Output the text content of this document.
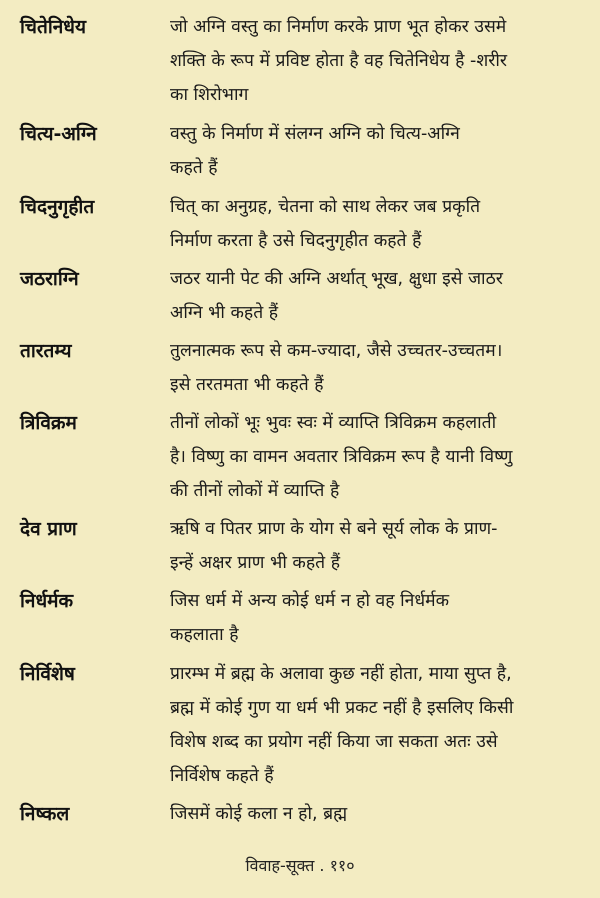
चितेनिधेय	जो अग्नि वस्तु का निर्माण करके प्राण भूत होकर उसमे
शक्ति के रूप में प्रविष्ट होता है वह चितेनिधेय है -शरीर
का शिरोभाग
चित्य-अग्नि	वस्तु के निर्माण में संलग्न अग्नि को चित्य-अग्नि
कहते हैं
चिदनुगृहीत	चित् का अनुग्रह, चेतना को साथ लेकर जब प्रकृति
निर्माण करता है उसे चिदनुगृहीत कहते हैं
जठराग्नि	जठर यानी पेट की अग्नि अर्थात् भूख, क्षुधा इसे जाठर
अग्नि भी कहते हैं
तारतम्य	तुलनात्मक रूप से कम-ज्यादा, जैसे उच्चतर-उच्चतम।
इसे तरतमता भी कहते हैं
त्रिविक्रम	तीनों लोकों भूः भुवः स्वः में व्याप्ति त्रिविक्रम कहलाती
है। विष्णु का वामन अवतार त्रिविक्रम रूप है यानी विष्णु
की तीनों लोकों में व्याप्ति है
देव प्राण	ऋषि व पितर प्राण के योग से बने सूर्य लोक के प्राण-
इन्हें अक्षर प्राण भी कहते हैं
निर्धर्मक	जिस धर्म में अन्य कोई धर्म न हो वह निर्धर्मक
कहलाता है
निर्विशेष	प्रारम्भ में ब्रह्म के अलावा कुछ नहीं होता, माया सुप्त है,
ब्रह्म में कोई गुण या धर्म भी प्रकट नहीं है इसलिए किसी
विशेष शब्द का प्रयोग नहीं किया जा सकता अतः उसे
निर्विशेष कहते हैं
निष्कल	जिसमें कोई कला न हो, ब्रह्म
विवाह-सूक्त . ११०
